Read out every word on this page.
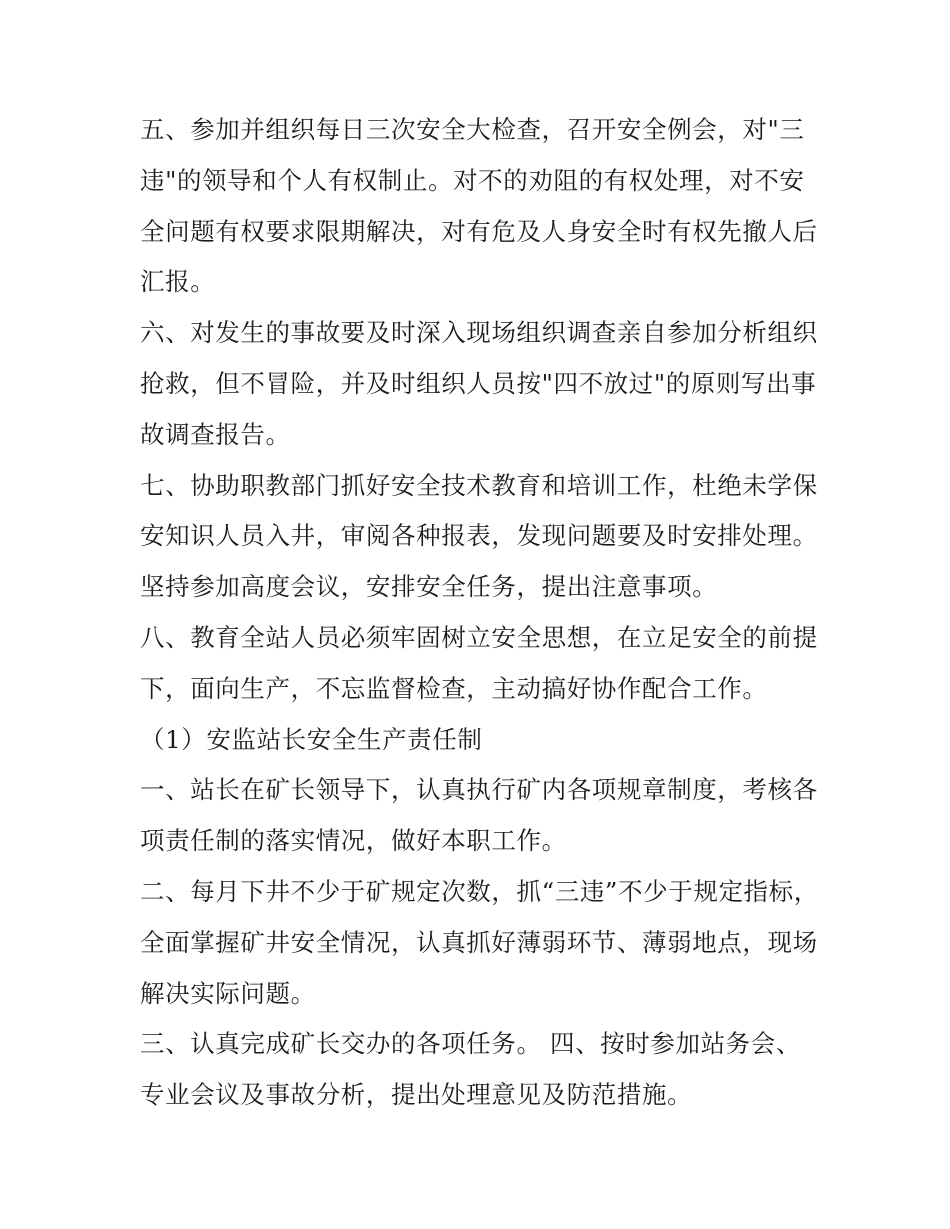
五、参加并组织每日三次安全大检查，召开安全例会，对"三违"的领导和个人有权制止。对不的劝阻的有权处理，对不安全问题有权要求限期解决，对有危及人身安全时有权先撤人后汇报。

六、对发生的事故要及时深入现场组织调查亲自参加分析组织抢救，但不冒险，并及时组织人员按"四不放过"的原则写出事故调查报告。

七、协助职教部门抓好安全技术教育和培训工作，杜绝未学保安知识人员入井，审阅各种报表，发现问题要及时安排处理。坚持参加高度会议，安排安全任务，提出注意事项。

八、教育全站人员必须牢固树立安全思想，在立足安全的前提下，面向生产，不忘监督检查，主动搞好协作配合工作。

（1）安监站长安全生产责任制

一、站长在矿长领导下，认真执行矿内各项规章制度，考核各项责任制的落实情况，做好本职工作。

二、每月下井不少于矿规定次数，抓“三违”不少于规定指标，全面掌握矿井安全情况，认真抓好薄弱环节、薄弱地点，现场解决实际问题。

三、认真完成矿长交办的各项任务。 四、按时参加站务会、专业会议及事故分析，提出处理意见及防范措施。
